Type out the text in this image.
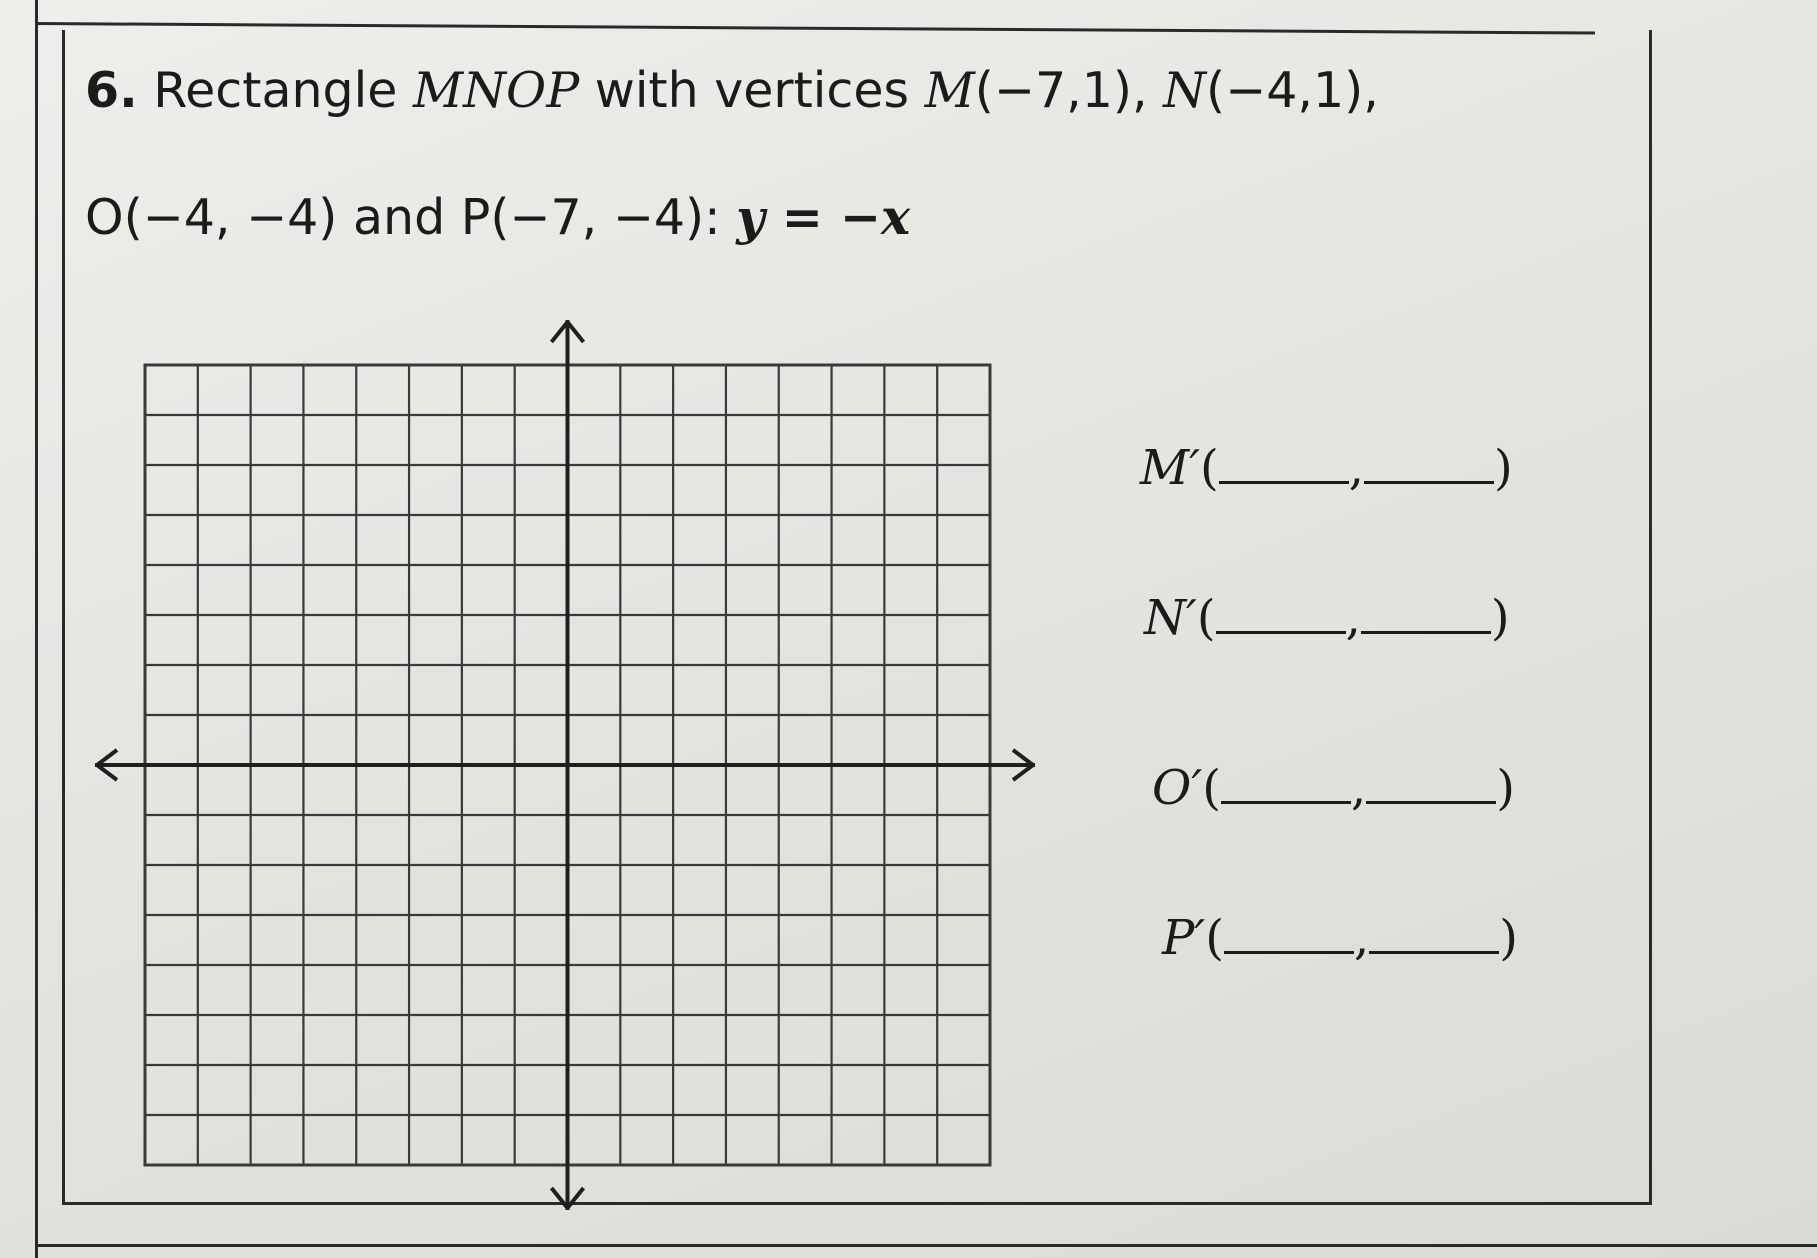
6. Rectangle MNOP with vertices M(−7,1), N(−4,1),
O(−4, −4) and P(−7, −4): y = −x
M′(	,	)
N′(	,	)
O′(	,	)
P′(	,	)
